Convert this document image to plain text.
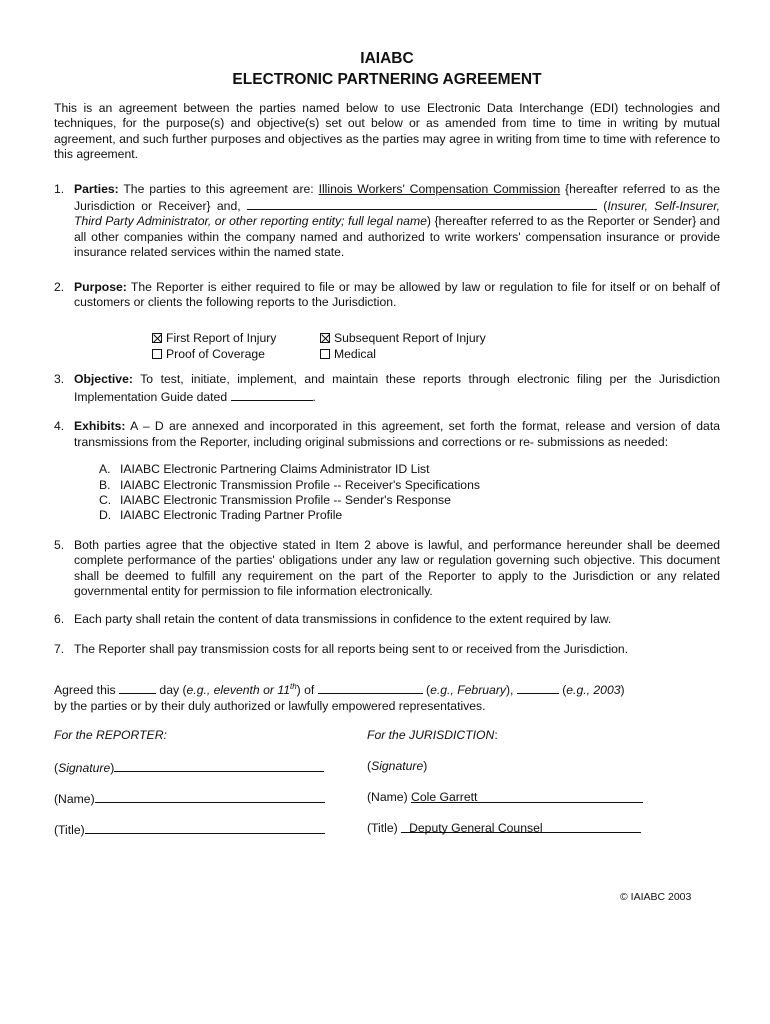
IAIABC
ELECTRONIC PARTNERING AGREEMENT
This is an agreement between the parties named below to use Electronic Data Interchange (EDI) technologies and techniques, for the purpose(s) and objective(s) set out below or as amended from time to time in writing by mutual agreement, and such further purposes and objectives as the parties may agree in writing from time to time with reference to this agreement.
1. Parties: The parties to this agreement are: Illinois Workers' Compensation Commission {hereafter referred to as the Jurisdiction or Receiver} and,	(Insurer, Self-Insurer, Third Party Administrator, or other reporting entity; full legal name) {hereafter referred to as the Reporter or Sender} and all other companies within the company named and authorized to write workers' compensation insurance or provide insurance related services within the named state.
2. Purpose: The Reporter is either required to file or may be allowed by law or regulation to file for itself or on behalf of customers or clients the following reports to the Jurisdiction.
First Report of Injury	Subsequent Report of Injury
Proof of Coverage	Medical
3. Objective: To test, initiate, implement, and maintain these reports through electronic filing per the Jurisdiction Implementation Guide dated	.
4. Exhibits: A – D are annexed and incorporated in this agreement, set forth the format, release and version of data transmissions from the Reporter, including original submissions and corrections or re- submissions as needed:
A. IAIABC Electronic Partnering Claims Administrator ID List
B. IAIABC Electronic Transmission Profile -- Receiver's Specifications
C. IAIABC Electronic Transmission Profile -- Sender's Response
D. IAIABC Electronic Trading Partner Profile
5. Both parties agree that the objective stated in Item 2 above is lawful, and performance hereunder shall be deemed complete performance of the parties' obligations under any law or regulation governing such objective. This document shall be deemed to fulfill any requirement on the part of the Reporter to apply to the Jurisdiction or any related governmental entity for permission to file information electronically.
6. Each party shall retain the content of data transmissions in confidence to the extent required by law.
7. The Reporter shall pay transmission costs for all reports being sent to or received from the Jurisdiction.
Agreed this	day (e.g., eleventh or 11th) of	(e.g., February),	(e.g., 2003)
by the parties or by their duly authorized or lawfully empowered representatives.
For the REPORTER:	For the JURISDICTION:
(Signature)	(Signature)
(Name)	(Name) Cole Garrett
(Title)	(Title) Deputy General Counsel
© IAIABC 2003
